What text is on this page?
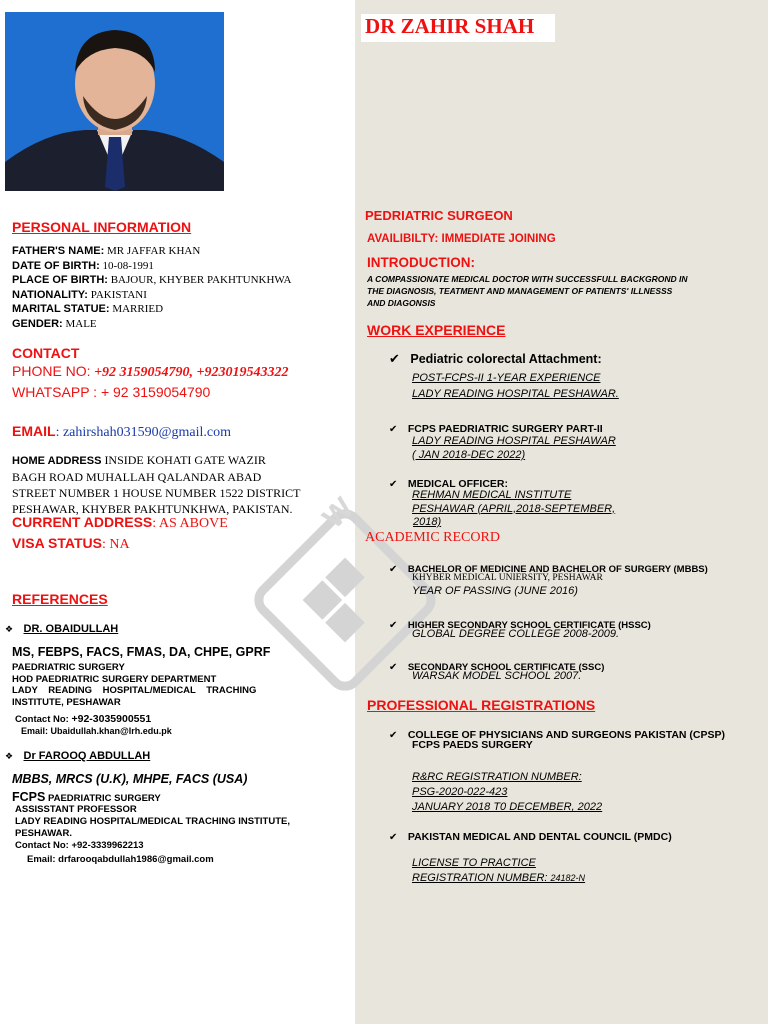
W
DR ZAHIR SHAH
PERSONAL INFORMATION
FATHER'S NAME: MR JAFFAR KHAN
DATE OF BIRTH: 10-08-1991
PLACE OF BIRTH: BAJOUR, KHYBER PAKHTUNKHWA
NATIONALITY: PAKISTANI
MARITAL STATUE: MARRIED
GENDER: MALE
CONTACT
PHONE NO: +92 3159054790, +923019543322
WHATSAPP : + 92 3159054790
EMAIL: zahirshah031590@gmail.com
HOME ADDRESS INSIDE KOHATI GATE WAZIR
BAGH ROAD MUHALLAH QALANDAR ABAD
STREET NUMBER 1 HOUSE NUMBER 1522 DISTRICT
PESHAWAR, KHYBER PAKHTUNKHWA, PAKISTAN.
CURRENT ADDRESS: AS ABOVE
VISA STATUS: NA
REFERENCES
❖ DR. OBAIDULLAH
MS, FEBPS, FACS, FMAS, DA, CHPE, GPRF
PAEDRIATRIC SURGERY
HOD PAEDRIATRIC SURGERY DEPARTMENT
LADY    READING    HOSPITAL/MEDICAL    TRACHING
INSTITUTE, PESHAWAR
Contact No: +92-3035900551
Email: Ubaidullah.khan@lrh.edu.pk
❖ Dr FAROOQ ABDULLAH
MBBS, MRCS (U.K), MHPE, FACS (USA)
FCPS PAEDRIATRIC SURGERY
ASSISSTANT PROFESSOR
LADY READING HOSPITAL/MEDICAL TRACHING INSTITUTE,
PESHAWAR.
Contact No: +92-3339962213
Email: drfarooqabdullah1986@gmail.com
PEDRIATRIC SURGEON
AVAILIBILTY: IMMEDIATE JOINING
INTRODUCTION:
A COMPASSIONATE MEDICAL DOCTOR WITH SUCCESSFULL BACKGROND IN
THE DIAGNOSIS, TEATMENT AND MANAGEMENT OF PATIENTS' ILLNESSS
AND DIAGONSIS
WORK EXPERIENCE
✔ Pediatric colorectal Attachment:
POST-FCPS-II 1-YEAR EXPERIENCE
LADY READING HOSPITAL PESHAWAR.
✔ FCPS PAEDRIATRIC SURGERY PART-II
LADY READING HOSPITAL PESHAWAR
( JAN 2018-DEC 2022)
✔ MEDICAL OFFICER:
REHMAN MEDICAL INSTITUTE
PESHAWAR (APRIL,2018-SEPTEMBER,
2018)
ACADEMIC RECORD
✔ BACHELOR OF MEDICINE AND BACHELOR OF SURGERY (MBBS)
KHYBER MEDICAL UNIERSITY, PESHAWAR
YEAR OF PASSING (JUNE 2016)
✔ HIGHER SECONDARY SCHOOL CERTIFICATE (HSSC)
GLOBAL DEGREE COLLEGE 2008-2009.
✔ SECONDARY SCHOOL CERTIFICATE (SSC)
WARSAK MODEL SCHOOL 2007.
PROFESSIONAL REGISTRATIONS
✔ COLLEGE OF PHYSICIANS AND SURGEONS PAKISTAN (CPSP)
FCPS PAEDS SURGERY
R&RC REGISTRATION NUMBER:
PSG-2020-022-423
JANUARY 2018 T0 DECEMBER, 2022
✔ PAKISTAN MEDICAL AND DENTAL COUNCIL (PMDC)
LICENSE TO PRACTICE
REGISTRATION NUMBER: 24182-N
